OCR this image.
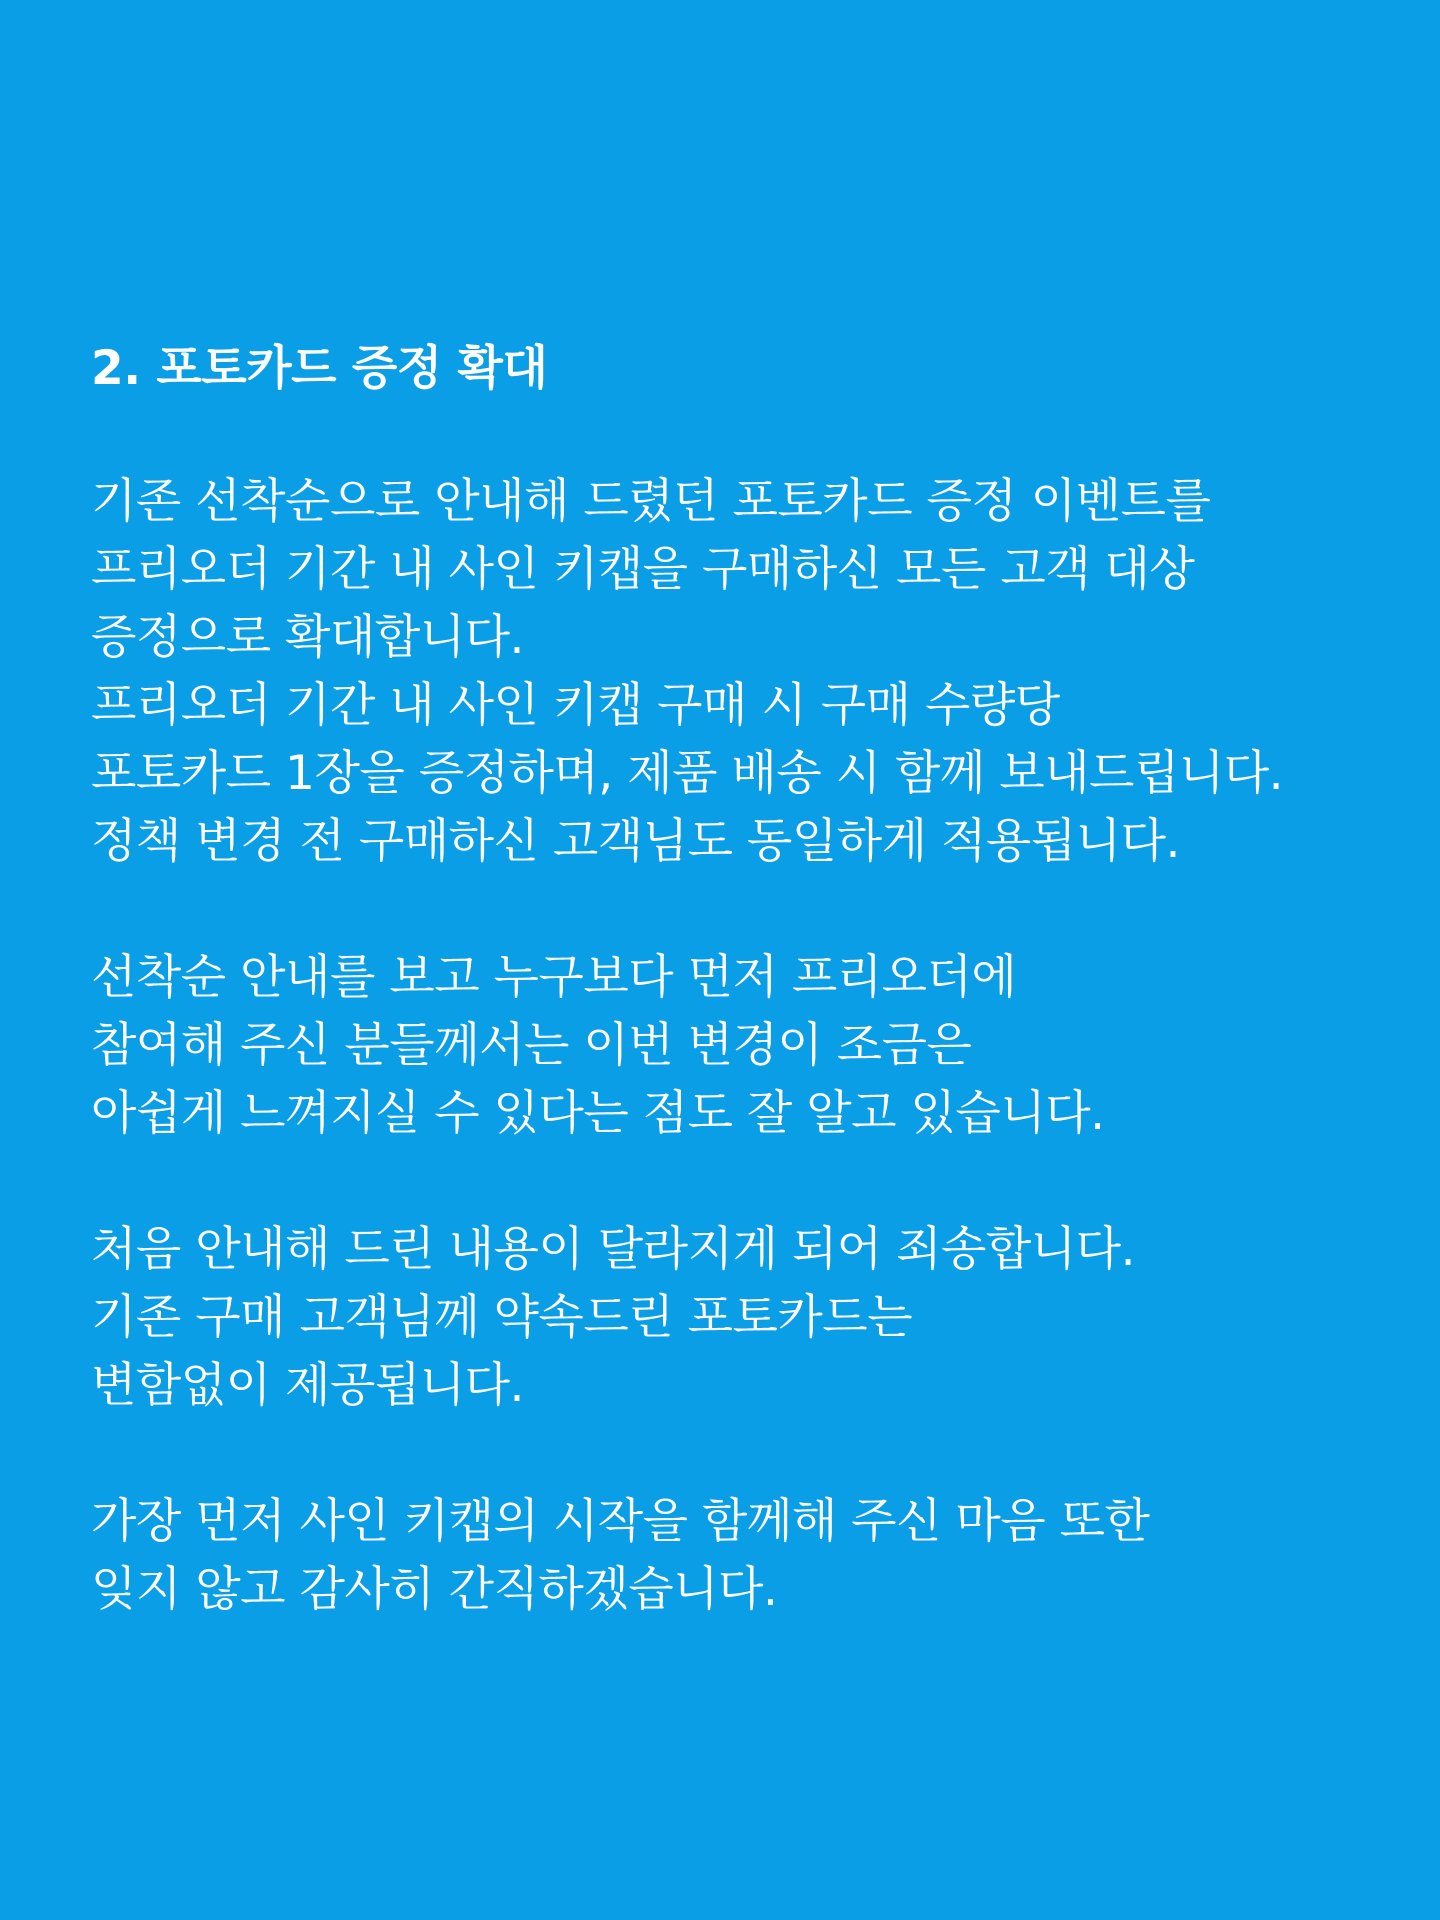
2. 포토카드 증정 확대
기존 선착순으로 안내해 드렸던 포토카드 증정 이벤트를
프리오더 기간 내 사인 키캡을 구매하신 모든 고객 대상
증정으로 확대합니다.
프리오더 기간 내 사인 키캡 구매 시 구매 수량당
포토카드 1장을 증정하며, 제품 배송 시 함께 보내드립니다.
정책 변경 전 구매하신 고객님도 동일하게 적용됩니다.
선착순 안내를 보고 누구보다 먼저 프리오더에
참여해 주신 분들께서는 이번 변경이 조금은
아쉽게 느껴지실 수 있다는 점도 잘 알고 있습니다.
처음 안내해 드린 내용이 달라지게 되어 죄송합니다.
기존 구매 고객님께 약속드린 포토카드는
변함없이 제공됩니다.
가장 먼저 사인 키캡의 시작을 함께해 주신 마음 또한
잊지 않고 감사히 간직하겠습니다.
